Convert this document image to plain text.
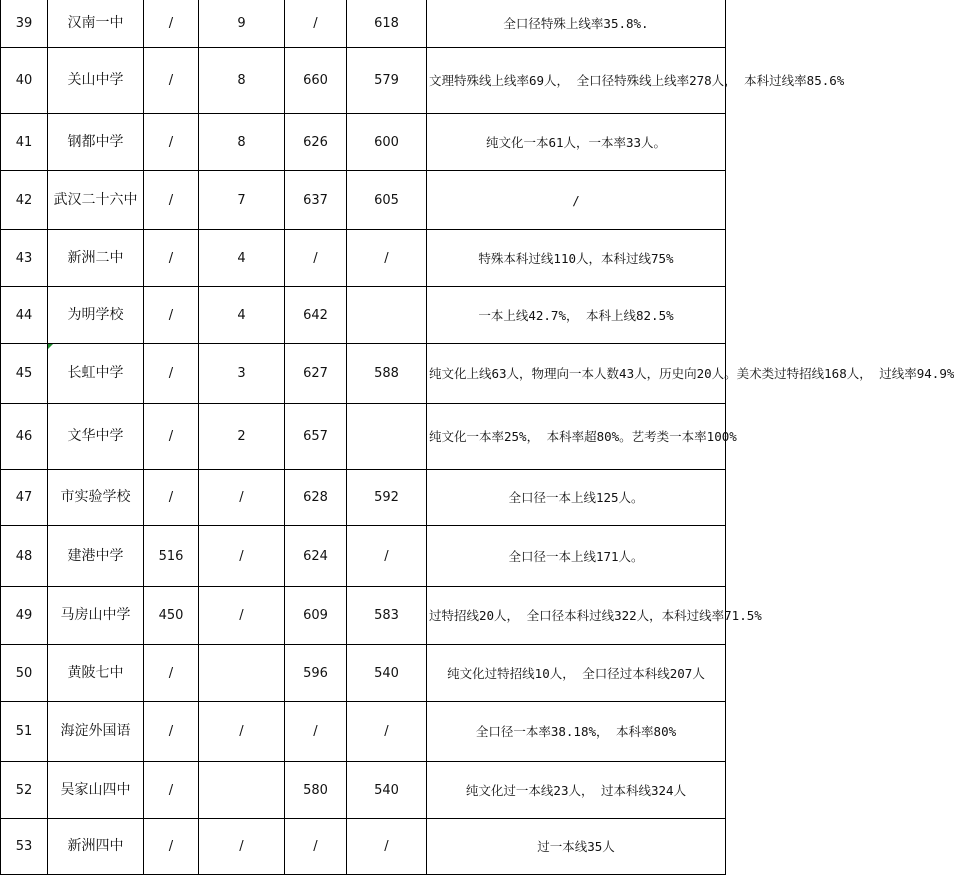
39	汉南一中	/	9	/	618	全口径特殊上线率35.8%.
40	关山中学	/	8	660	579	文理特殊线上线率69人， 全口径特殊线上线率278人， 本科过线率85.6%
41	钢都中学	/	8	626	600	纯文化一本61人，一本率33人。
42	武汉二十六中	/	7	637	605	/
43	新洲二中	/	4	/	/	特殊本科过线110人，本科过线75%
44	为明学校	/	4	642		一本上线42.7%， 本科上线82.5%
45	长虹中学	/	3	627	588	纯文化上线63人，物理向一本人数43人，历史向20人。美术类过特招线168人， 过线率94.9%
46	文华中学	/	2	657		纯文化一本率25%， 本科率超80%。艺考类一本率100%
47	市实验学校	/	/	628	592	全口径一本上线125人。
48	建港中学	516	/	624	/	全口径一本上线171人。
49	马房山中学	450	/	609	583	过特招线20人， 全口径本科过线322人，本科过线率71.5%
50	黄陂七中	/		596	540	纯文化过特招线10人， 全口径过本科线207人
51	海淀外国语	/	/	/	/	全口径一本率38.18%， 本科率80%
52	吴家山四中	/		580	540	纯文化过一本线23人， 过本科线324人
53	新洲四中	/	/	/	/	过一本线35人
